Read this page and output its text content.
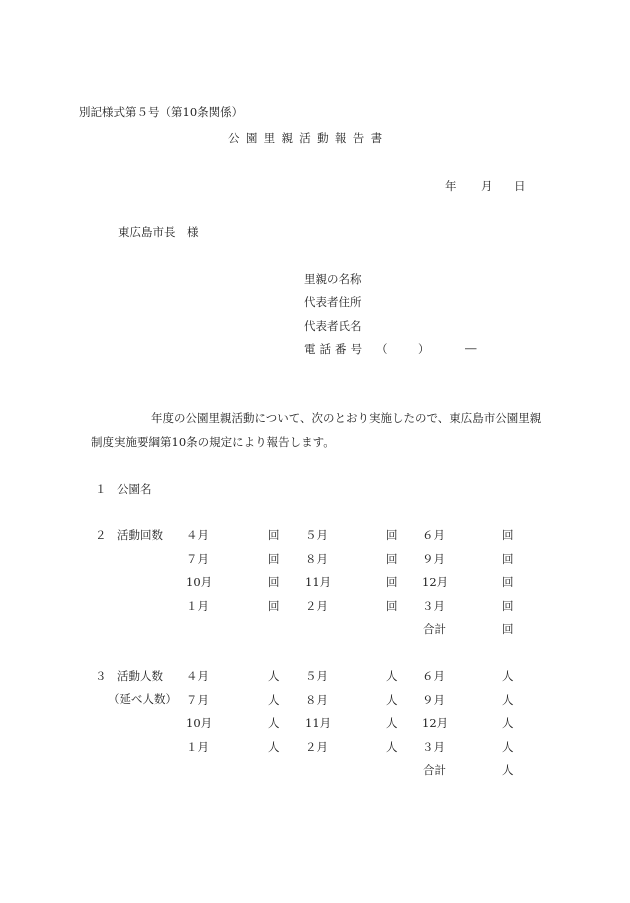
別記様式第５号（第10条関係）
公園里親活動報告書
年 月 日
東広島市長　様
里親の名称
代表者住所
代表者氏名
電話番号 （	）	―
年度の公園里親活動について、次のとおり実施したので、東広島市公園里親
制度実施要綱第10条の規定により報告します。
１ 公園名
２ 活動回数 ４月	回 ５月	回 ６月	回
７月	回 ８月	回 ９月	回
10月	回 11月	回 12月	回
１月	回 ２月	回 ３月	回
合計	回
３ 活動人数
（延べ人数）
４月	人 ５月	人 ６月	人
７月	人 ８月	人 ９月	人
10月	人 11月	人 12月	人
１月	人 ２月	人 ３月	人
合計	人
